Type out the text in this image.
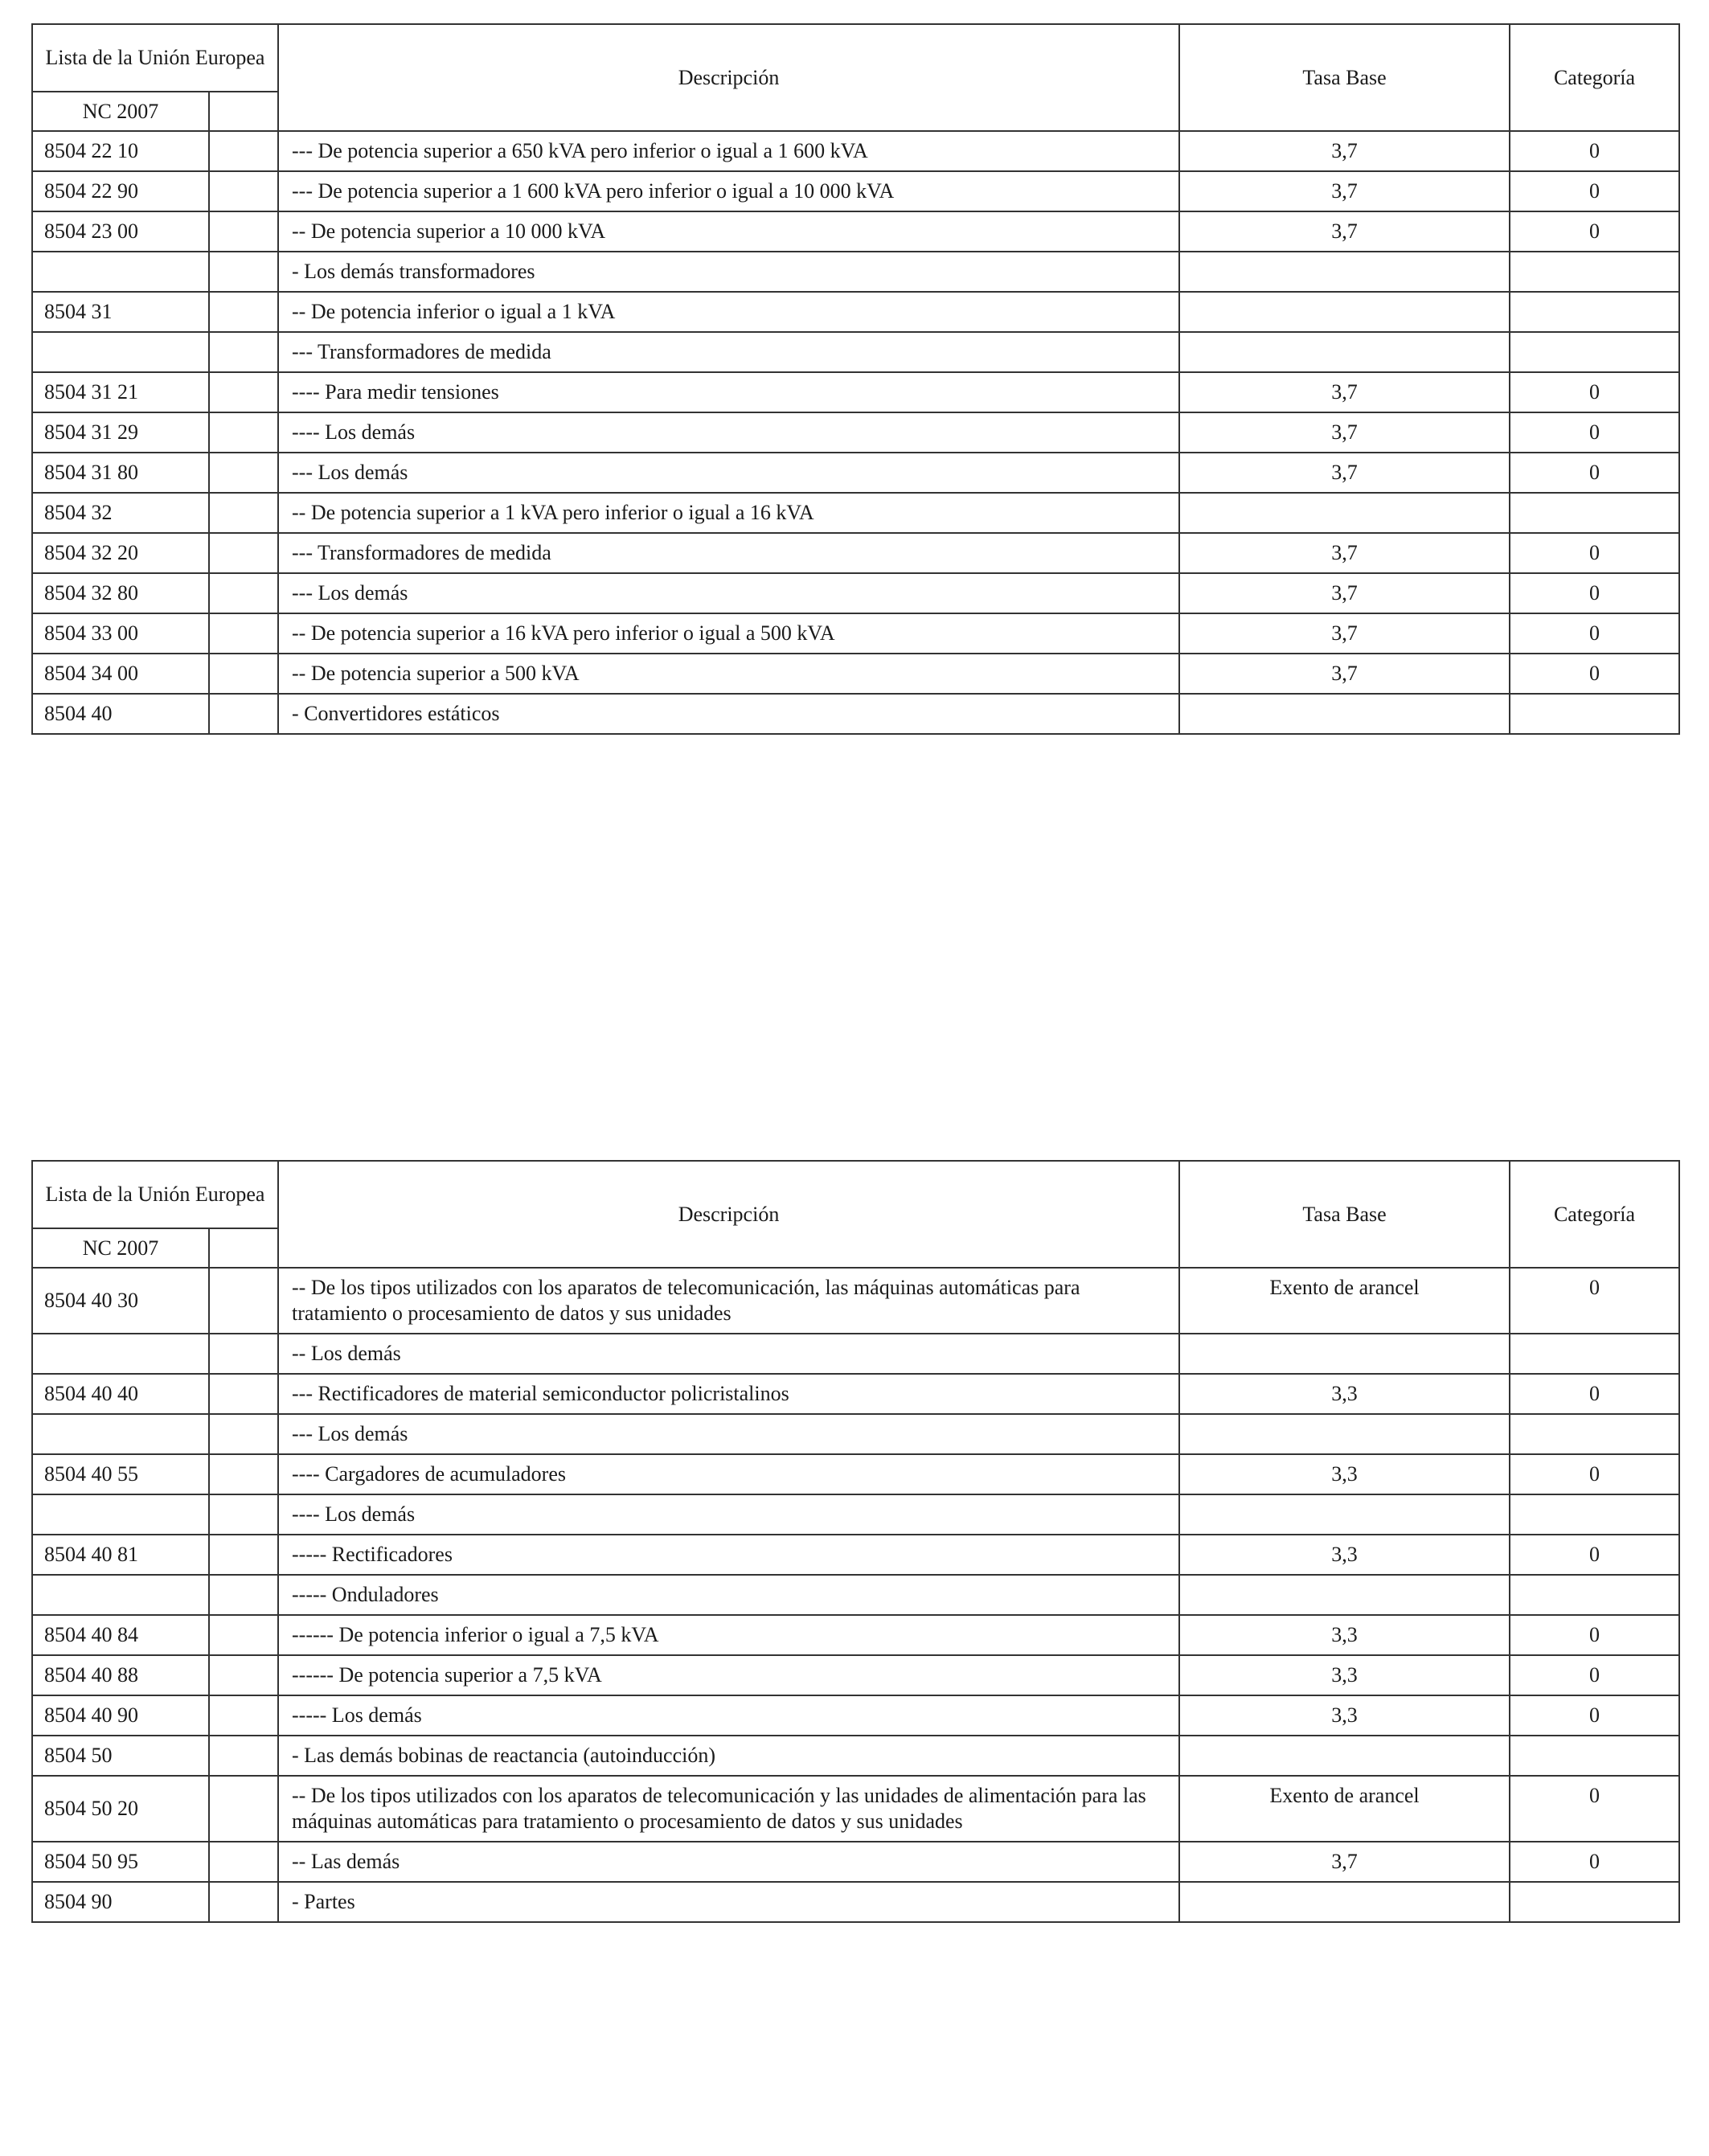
Lista de la Unión Europea		Descripción	Tasa Base	Categoría
NC 2007				
8504 22 10		--- De potencia superior a 650 kVA pero inferior o igual a 1 600 kVA	3,7	0
8504 22 90		--- De potencia superior a 1 600 kVA pero inferior o igual a 10 000 kVA	3,7	0
8504 23 00		-- De potencia superior a 10 000 kVA	3,7	0
		- Los demás transformadores		
8504 31		-- De potencia inferior o igual a 1 kVA		
		--- Transformadores de medida		
8504 31 21		---- Para medir tensiones	3,7	0
8504 31 29		---- Los demás	3,7	0
8504 31 80		--- Los demás	3,7	0
8504 32		-- De potencia superior a 1 kVA pero inferior o igual a 16 kVA		
8504 32 20		--- Transformadores de medida	3,7	0
8504 32 80		--- Los demás	3,7	0
8504 33 00		-- De potencia superior a 16 kVA pero inferior o igual a 500 kVA	3,7	0
8504 34 00		-- De potencia superior a 500 kVA	3,7	0
8504 40		- Convertidores estáticos		
Lista de la Unión Europea		Descripción	Tasa Base	Categoría
NC 2007				
8504 40 30		-- De los tipos utilizados con los aparatos de telecomunicación, las máquinas automáticas para tratamiento o procesamiento de datos y sus unidades	Exento de arancel	0
		-- Los demás		
8504 40 40		--- Rectificadores de material semiconductor policristalinos	3,3	0
		--- Los demás		
8504 40 55		---- Cargadores de acumuladores	3,3	0
		---- Los demás		
8504 40 81		----- Rectificadores	3,3	0
		----- Onduladores		
8504 40 84		------ De potencia inferior o igual a 7,5 kVA	3,3	0
8504 40 88		------ De potencia superior a 7,5 kVA	3,3	0
8504 40 90		----- Los demás	3,3	0
8504 50		- Las demás bobinas de reactancia (autoinducción)		
8504 50 20		-- De los tipos utilizados con los aparatos de telecomunicación y las unidades de alimentación para las máquinas automáticas para tratamiento o procesamiento de datos y sus unidades	Exento de arancel	0
8504 50 95		-- Las demás	3,7	0
8504 90		- Partes		
